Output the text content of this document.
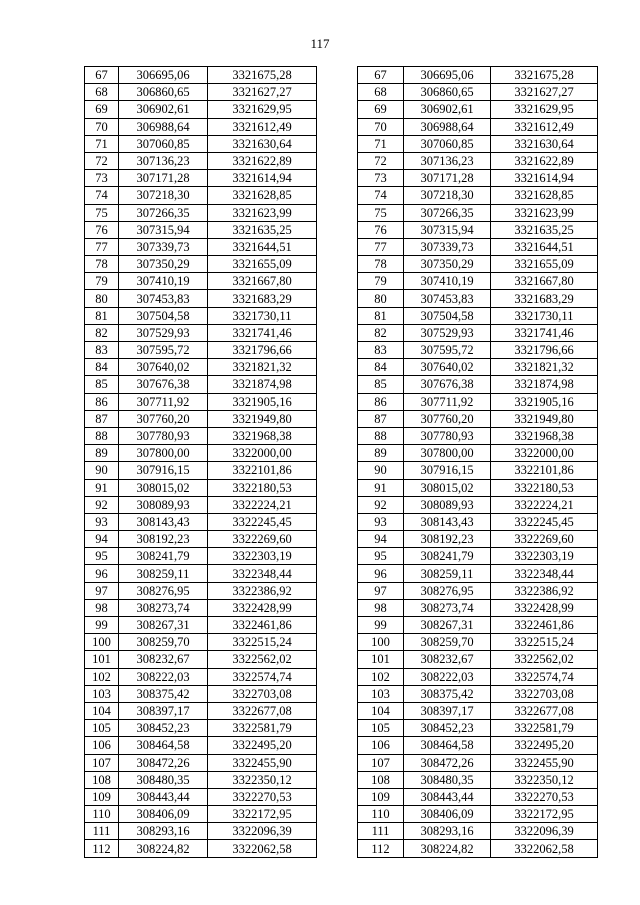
117
67	306695,06	3321675,28
68	306860,65	3321627,27
69	306902,61	3321629,95
70	306988,64	3321612,49
71	307060,85	3321630,64
72	307136,23	3321622,89
73	307171,28	3321614,94
74	307218,30	3321628,85
75	307266,35	3321623,99
76	307315,94	3321635,25
77	307339,73	3321644,51
78	307350,29	3321655,09
79	307410,19	3321667,80
80	307453,83	3321683,29
81	307504,58	3321730,11
82	307529,93	3321741,46
83	307595,72	3321796,66
84	307640,02	3321821,32
85	307676,38	3321874,98
86	307711,92	3321905,16
87	307760,20	3321949,80
88	307780,93	3321968,38
89	307800,00	3322000,00
90	307916,15	3322101,86
91	308015,02	3322180,53
92	308089,93	3322224,21
93	308143,43	3322245,45
94	308192,23	3322269,60
95	308241,79	3322303,19
96	308259,11	3322348,44
97	308276,95	3322386,92
98	308273,74	3322428,99
99	308267,31	3322461,86
100	308259,70	3322515,24
101	308232,67	3322562,02
102	308222,03	3322574,74
103	308375,42	3322703,08
104	308397,17	3322677,08
105	308452,23	3322581,79
106	308464,58	3322495,20
107	308472,26	3322455,90
108	308480,35	3322350,12
109	308443,44	3322270,53
110	308406,09	3322172,95
111	308293,16	3322096,39
112	308224,82	3322062,58
67	306695,06	3321675,28
68	306860,65	3321627,27
69	306902,61	3321629,95
70	306988,64	3321612,49
71	307060,85	3321630,64
72	307136,23	3321622,89
73	307171,28	3321614,94
74	307218,30	3321628,85
75	307266,35	3321623,99
76	307315,94	3321635,25
77	307339,73	3321644,51
78	307350,29	3321655,09
79	307410,19	3321667,80
80	307453,83	3321683,29
81	307504,58	3321730,11
82	307529,93	3321741,46
83	307595,72	3321796,66
84	307640,02	3321821,32
85	307676,38	3321874,98
86	307711,92	3321905,16
87	307760,20	3321949,80
88	307780,93	3321968,38
89	307800,00	3322000,00
90	307916,15	3322101,86
91	308015,02	3322180,53
92	308089,93	3322224,21
93	308143,43	3322245,45
94	308192,23	3322269,60
95	308241,79	3322303,19
96	308259,11	3322348,44
97	308276,95	3322386,92
98	308273,74	3322428,99
99	308267,31	3322461,86
100	308259,70	3322515,24
101	308232,67	3322562,02
102	308222,03	3322574,74
103	308375,42	3322703,08
104	308397,17	3322677,08
105	308452,23	3322581,79
106	308464,58	3322495,20
107	308472,26	3322455,90
108	308480,35	3322350,12
109	308443,44	3322270,53
110	308406,09	3322172,95
111	308293,16	3322096,39
112	308224,82	3322062,58
